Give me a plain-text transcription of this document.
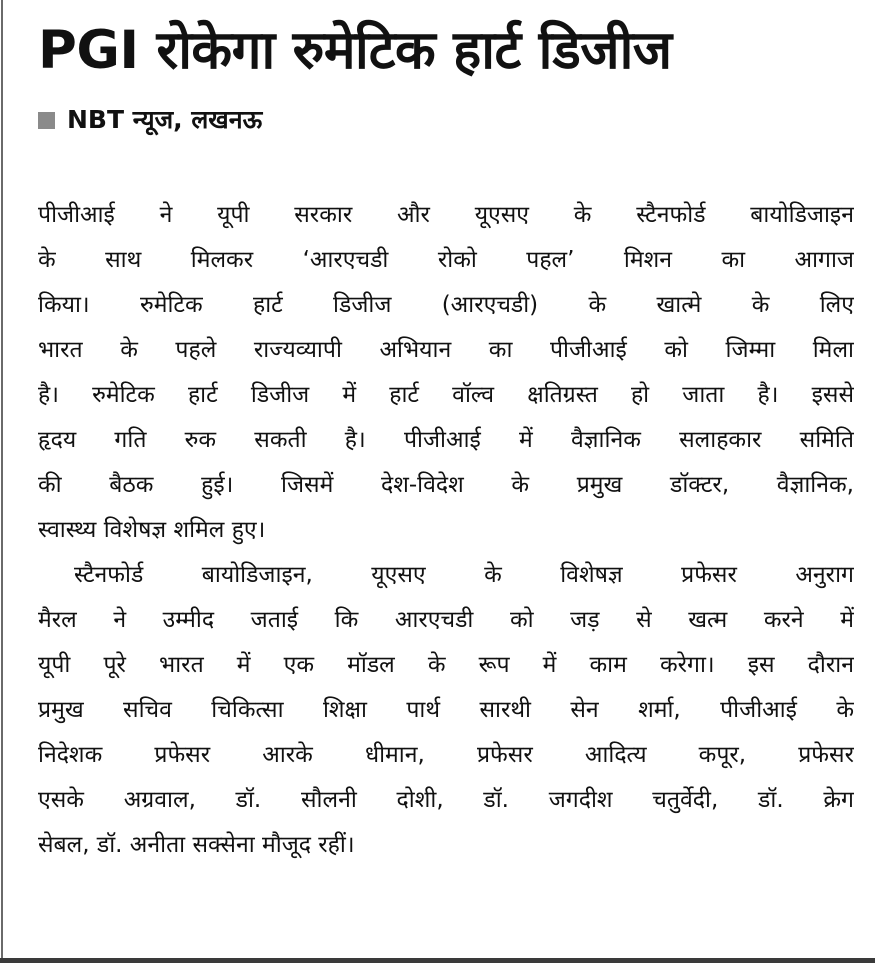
PGI रोकेगा रुमेटिक हार्ट डिजीज
NBT न्यूज, लखनऊ
पीजीआई ने यूपी सरकार और यूएसए के स्टैनफोर्ड बायोडिजाइन
के साथ मिलकर ‘आरएचडी रोको पहल’ मिशन का आगाज
किया। रुमेटिक हार्ट डिजीज (आरएचडी) के खात्मे के लिए
भारत के पहले राज्यव्यापी अभियान का पीजीआई को जिम्मा मिला
है। रुमेटिक हार्ट डिजीज में हार्ट वॉल्व क्षतिग्रस्त हो जाता है। इससे
हृदय गति रुक सकती है। पीजीआई में वैज्ञानिक सलाहकार समिति
की बैठक हुई। जिसमें देश-विदेश के प्रमुख डॉक्टर, वैज्ञानिक,
स्वास्थ्य विशेषज्ञ शमिल हुए।
स्टैनफोर्ड बायोडिजाइन, यूएसए के विशेषज्ञ प्रफेसर अनुराग
मैरल ने उम्मीद जताई कि आरएचडी को जड़ से खत्म करने में
यूपी पूरे भारत में एक मॉडल के रूप में काम करेगा। इस दौरान
प्रमुख सचिव चिकित्सा शिक्षा पार्थ सारथी सेन शर्मा, पीजीआई के
निदेशक प्रफेसर आरके धीमान, प्रफेसर आदित्य कपूर, प्रफेसर
एसके अग्रवाल, डॉ. सौलनी दोशी, डॉ. जगदीश चतुर्वेदी, डॉ. क्रेग
सेबल, डॉ. अनीता सक्सेना मौजूद रहीं।
